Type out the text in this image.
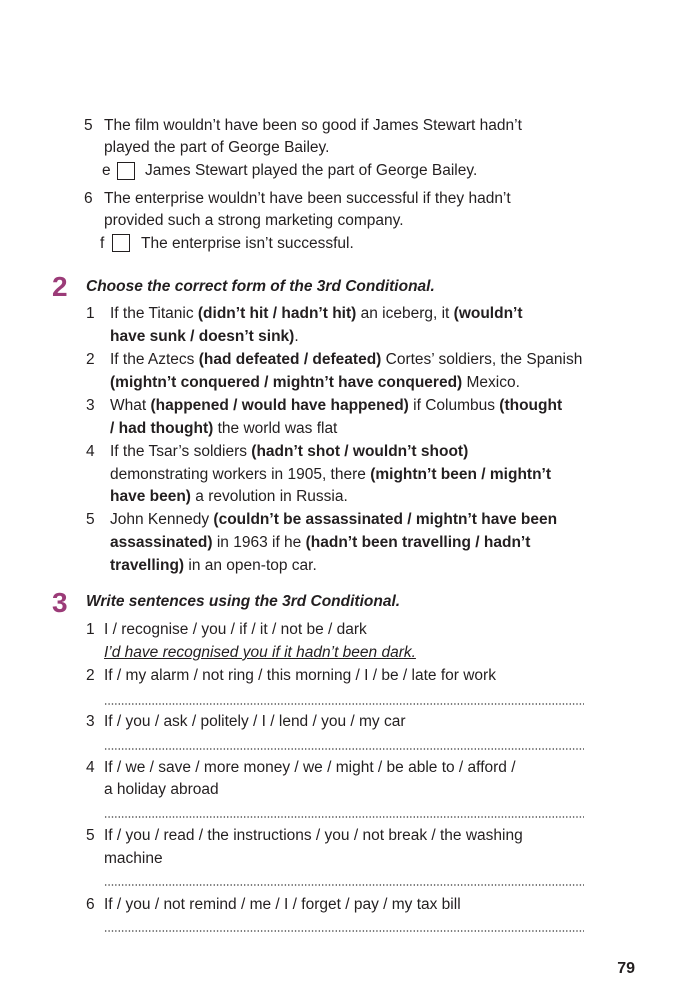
5 The film wouldn’t have been so good if James Stewart hadn’t
played the part of George Bailey.
e James Stewart played the part of George Bailey.
6 The enterprise wouldn’t have been successful if they hadn’t
provided such a strong marketing company.
f The enterprise isn’t successful.
2 Choose the correct form of the 3rd Conditional.
1 If the Titanic (didn’t hit / hadn’t hit) an iceberg, it (wouldn’t
have sunk / doesn’t sink).
2 If the Aztecs (had defeated / defeated) Cortes’ soldiers, the Spanish
(mightn’t conquered / mightn’t have conquered) Mexico.
3 What (happened / would have happened) if Columbus (thought
/ had thought) the world was flat
4 If the Tsar’s soldiers (hadn’t shot / wouldn’t shoot)
demonstrating workers in 1905, there (mightn’t been / mightn’t
have been) a revolution in Russia.
5 John Kennedy (couldn’t be assassinated / mightn’t have been
assassinated) in 1963 if he (hadn’t been travelling / hadn’t
travelling) in an open-top car.
3 Write sentences using the 3rd Conditional.
1 I / recognise / you / if / it / not be / dark
I’d have recognised you if it hadn’t been dark.
2 If / my alarm / not ring / this morning / I / be / late for work
3 If / you / ask / politely / I / lend / you / my car
4 If / we / save / more money / we / might / be able to / afford /
a holiday abroad
5 If / you / read / the instructions / you / not break / the washing
machine
6 If / you / not remind / me / I / forget / pay / my tax bill
79
